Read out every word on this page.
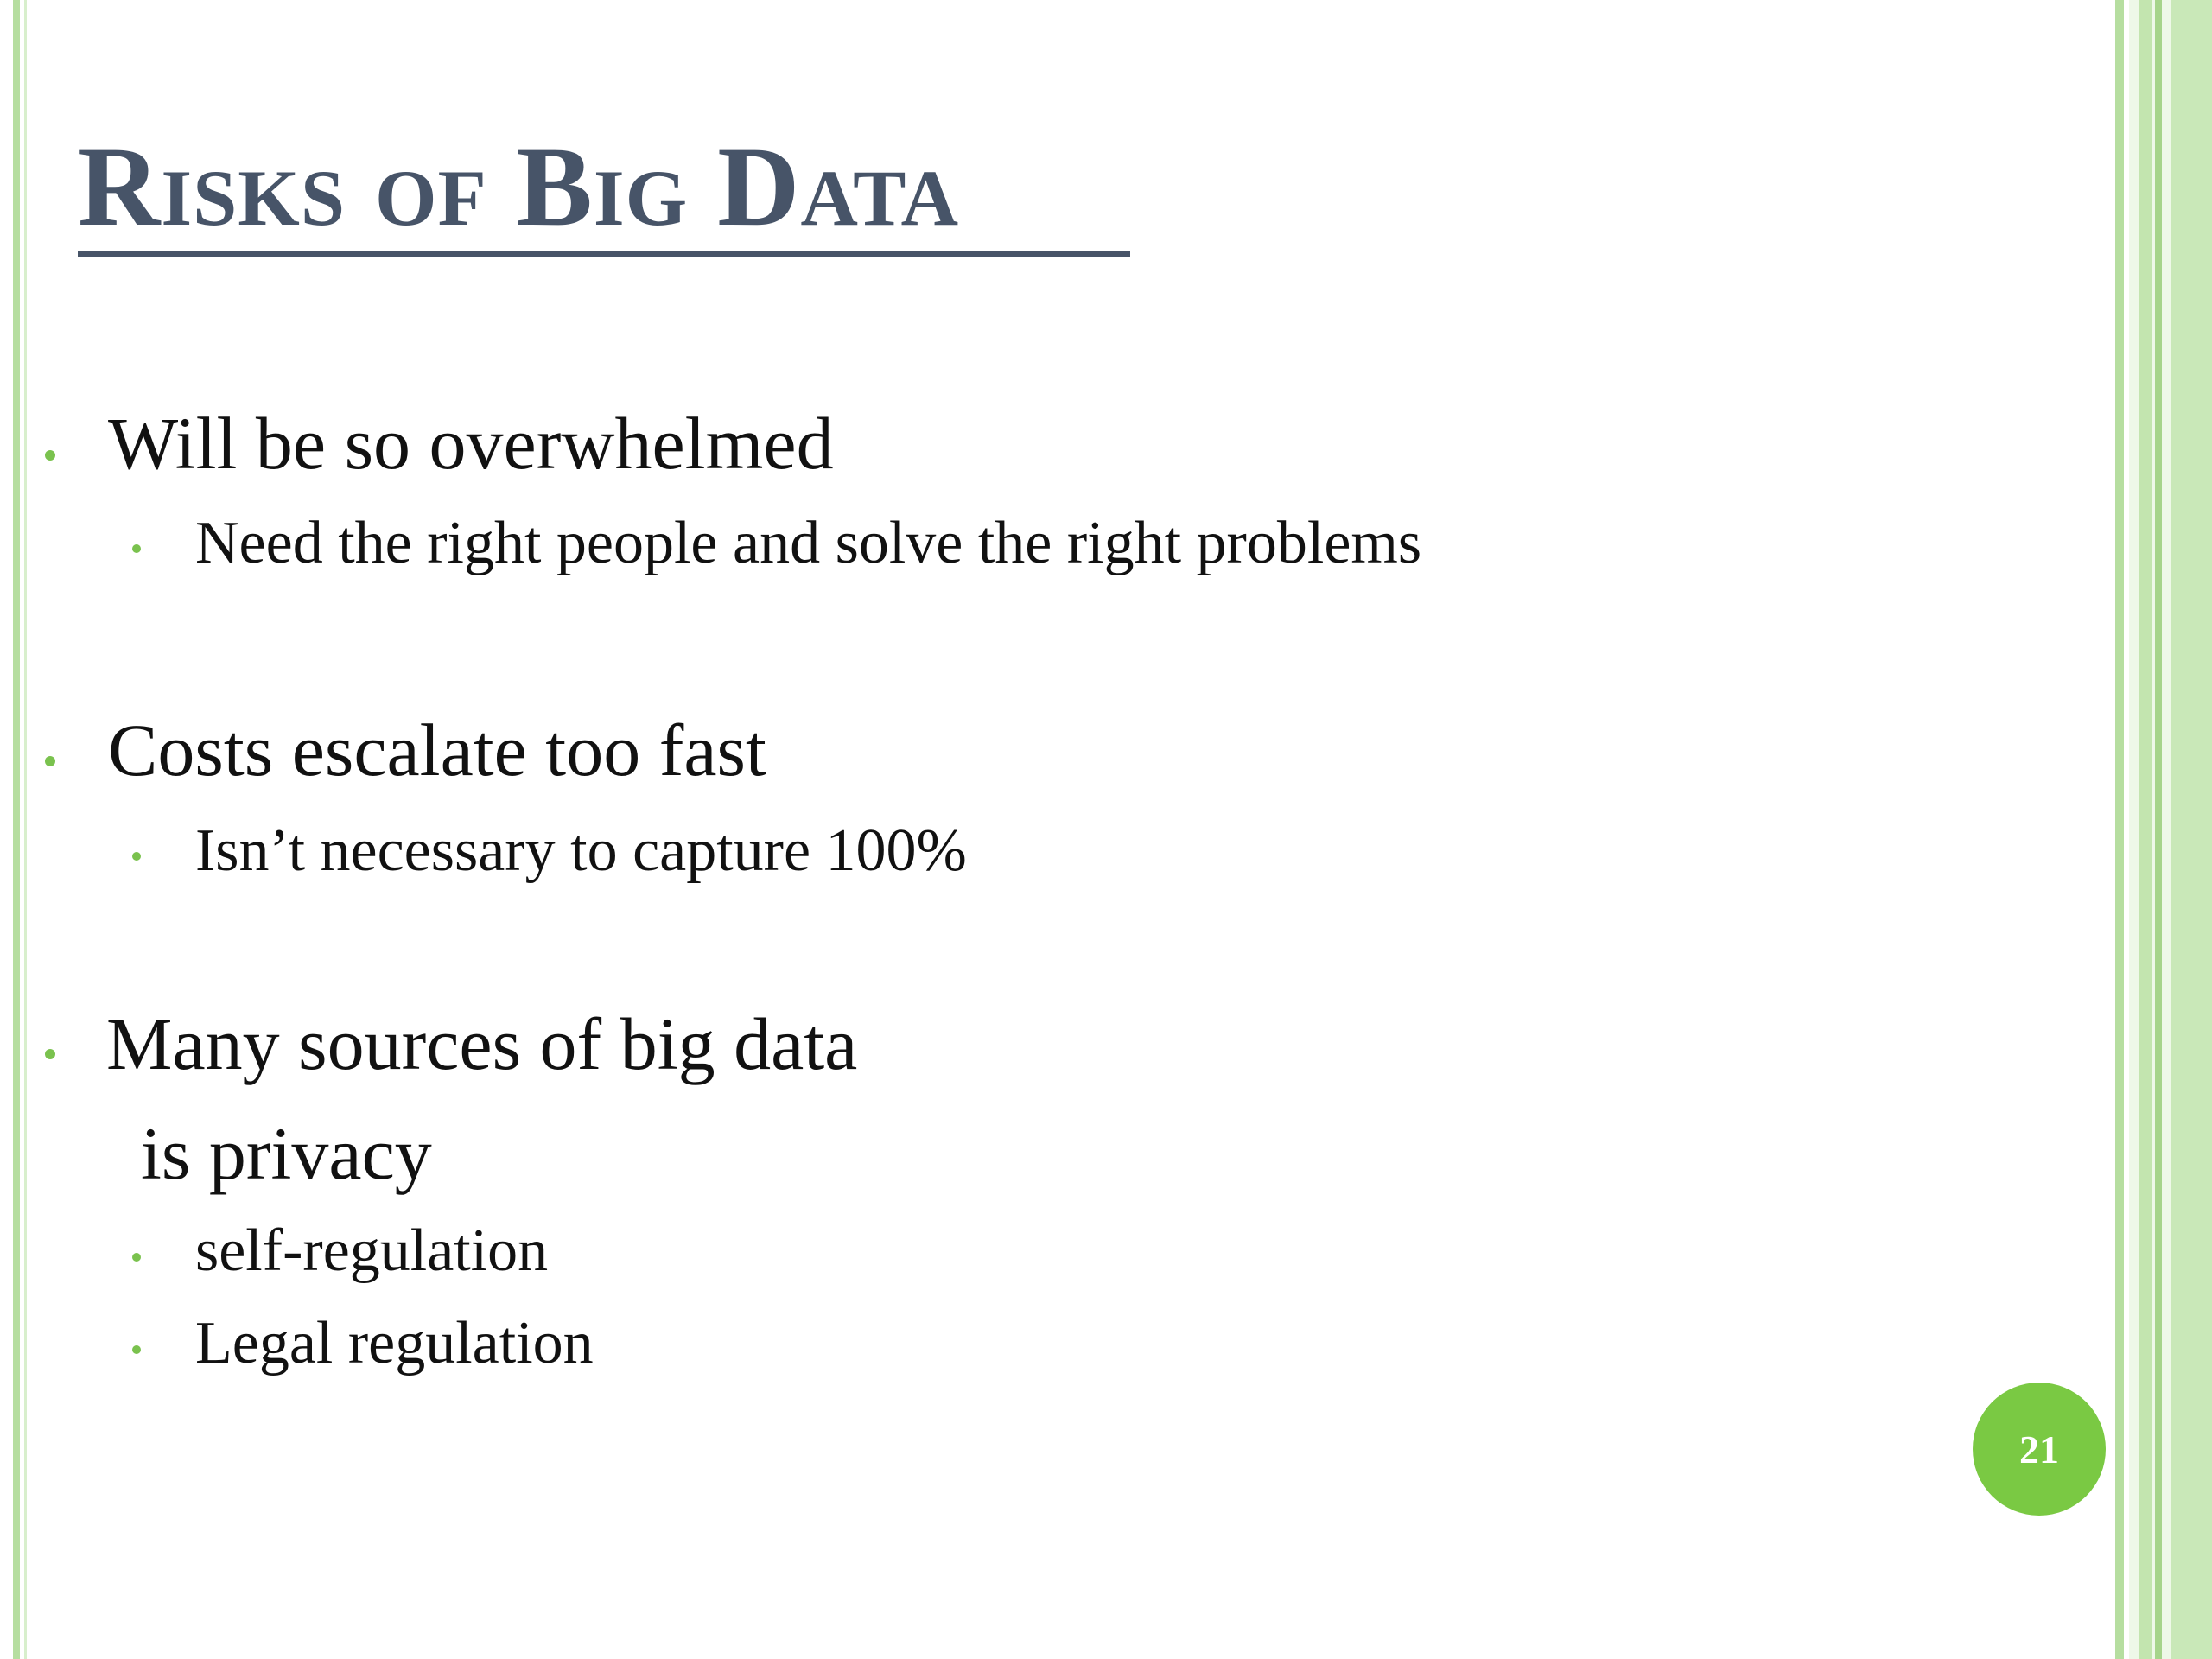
Risks of Big Data
Will be so overwhelmed
Need the right people and solve the right problems
Costs escalate too fast
Isn’t necessary to capture 100%
Many sources of big data
is privacy
self-regulation
Legal regulation
21
